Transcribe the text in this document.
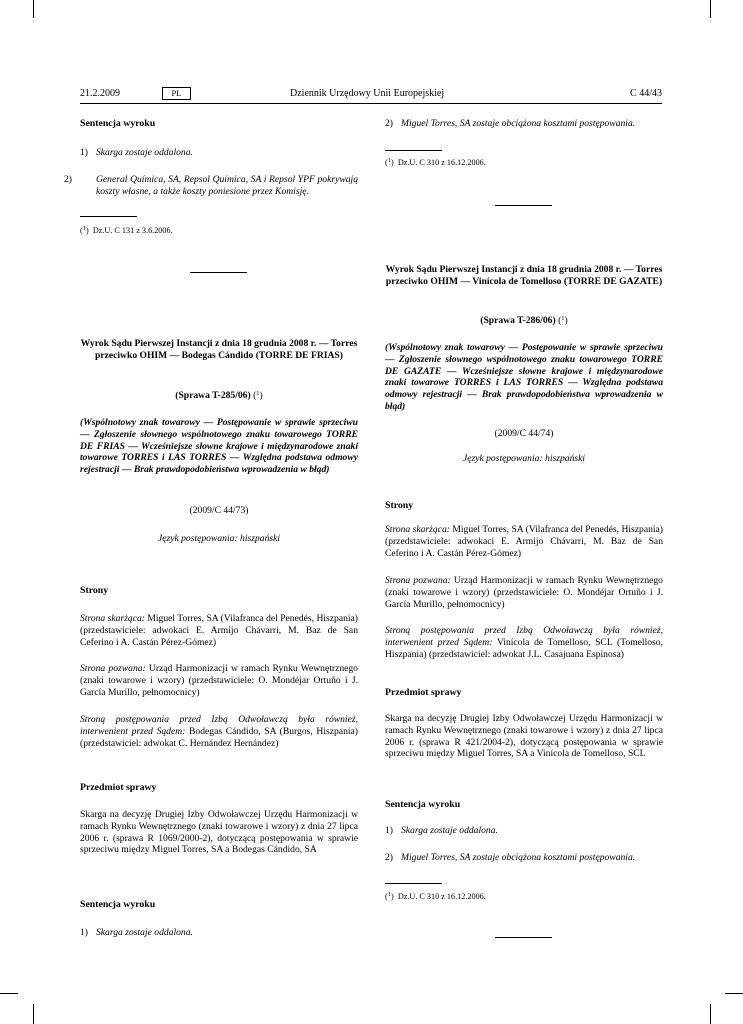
21.2.2009	PL	Dziennik Urzędowy Unii Europejskiej	C 44/43

Sentencja wyroku

1) Skarga zostaje oddalona.

2)	General Química, SA, Repsol Química, SA i Repsol YPF pokrywają koszty własne, a także koszty poniesione przez Komisję.

($^1$)  Dz.U. C 131 z 3.6.2006.

Wyrok Sądu Pierwszej Instancji z dnia 18 grudnia 2008 r. — Torres przeciwko OHIM — Bodegas Cándido (TORRE DE FRIAS)

(Sprawa T-285/06) ($^1$)

(Wspólnotowy znak towarowy — Postępowanie w sprawie sprzeciwu — Zgłoszenie słownego wspólnotowego znaku towarowego TORRE DE FRIAS — Wcześniejsze słowne krajowe i międzynarodowe znaki towarowe TORRES i LAS TORRES — Względna podstawa odmowy rejestracji — Brak prawdopodobieństwa wprowadzenia w błąd)

(2009/C 44/73)

Język postępowania: hiszpański

Strony

Strona skarżąca: Miguel Torres, SA (Vilafranca del Penedés, Hiszpania) (przedstawiciele: adwokaci E. Armijo Chávarri, M. Baz de San Ceferino i A. Castán Pérez-Gómez)

Strona pozwana: Urząd Harmonizacji w ramach Rynku Wewnętrznego (znaki towarowe i wzory) (przedstawiciele: O. Mondéjar Ortuño i J. García Murillo, pełnomocnicy)

Stroną postępowania przed Izbą Odwoławczą była również, interwenient przed Sądem: Bodegas Cándido, SA (Burgos, Hiszpania) (przedstawiciel: adwokat C. Hernández Hernández)

Przedmiot sprawy

Skarga na decyzję Drugiej Izby Odwoławczej Urzędu Harmonizacji w ramach Rynku Wewnętrznego (znaki towarowe i wzory) z dnia 27 lipca 2006 r. (sprawa R 1069/2000-2), dotyczącą postępowania w sprawie sprzeciwu między Miguel Torres, SA a Bodegas Cándido, SA

Sentencja wyroku

1) Skarga zostaje oddalona.

2) Miguel Torres, SA zostaje obciążona kosztami postępowania.

($^1$)  Dz.U. C 310 z 16.12.2006.

Wyrok Sądu Pierwszej Instancji z dnia 18 grudnia 2008 r. — Torres przeciwko OHIM — Vinícola de Tomelloso (TORRE DE GAZATE)

(Sprawa T-286/06) ($^1$)

(Wspólnotowy znak towarowy — Postępowanie w sprawie sprzeciwu — Zgłoszenie słownego wspólnotowego znaku towarowego TORRE DE GAZATE — Wcześniejsze słowne krajowe i międzynarodowe znaki towarowe TORRES i LAS TORRES — Względna podstawa odmowy rejestracji — Brak prawdopodobieństwa wprowadzenia w błąd)

(2009/C 44/74)

Język postępowania: hiszpański

Strony

Strona skarżąca: Miguel Torres, SA (Vilafranca del Penedés, Hiszpania) (przedstawiciele: adwokaci E. Armijo Chávarri, M. Baz de San Ceferino i A. Castán Pérez-Gómez)

Strona pozwana: Urząd Harmonizacji w ramach Rynku Wewnętrznego (znaki towarowe i wzory) (przedstawiciele: O. Mondéjar Ortuño i J. García Murillo, pełnomocnicy)

Stroną postępowania przed Izbą Odwoławczą była również, interwenient przed Sądem: Vinícola de Tomelloso, SCL (Tomelloso, Hiszpania) (przedstawiciel: adwokat J.L. Casajuana Espinosa)

Przedmiot sprawy

Skarga na decyzję Drugiej Izby Odwoławczej Urzędu Harmonizacji w ramach Rynku Wewnętrznego (znaki towarowe i wzory) z dnia 27 lipca 2006 r. (sprawa R 421/2004-2), dotyczącą postępowania w sprawie sprzeciwu między Miguel Torres, SA a Vinícola de Tomelloso, SCL

Sentencja wyroku

1) Skarga zostaje oddalona.

2) Miguel Torres, SA zostaje obciążona kosztami postępowania.

($^1$)  Dz.U. C 310 z 16.12.2006.
